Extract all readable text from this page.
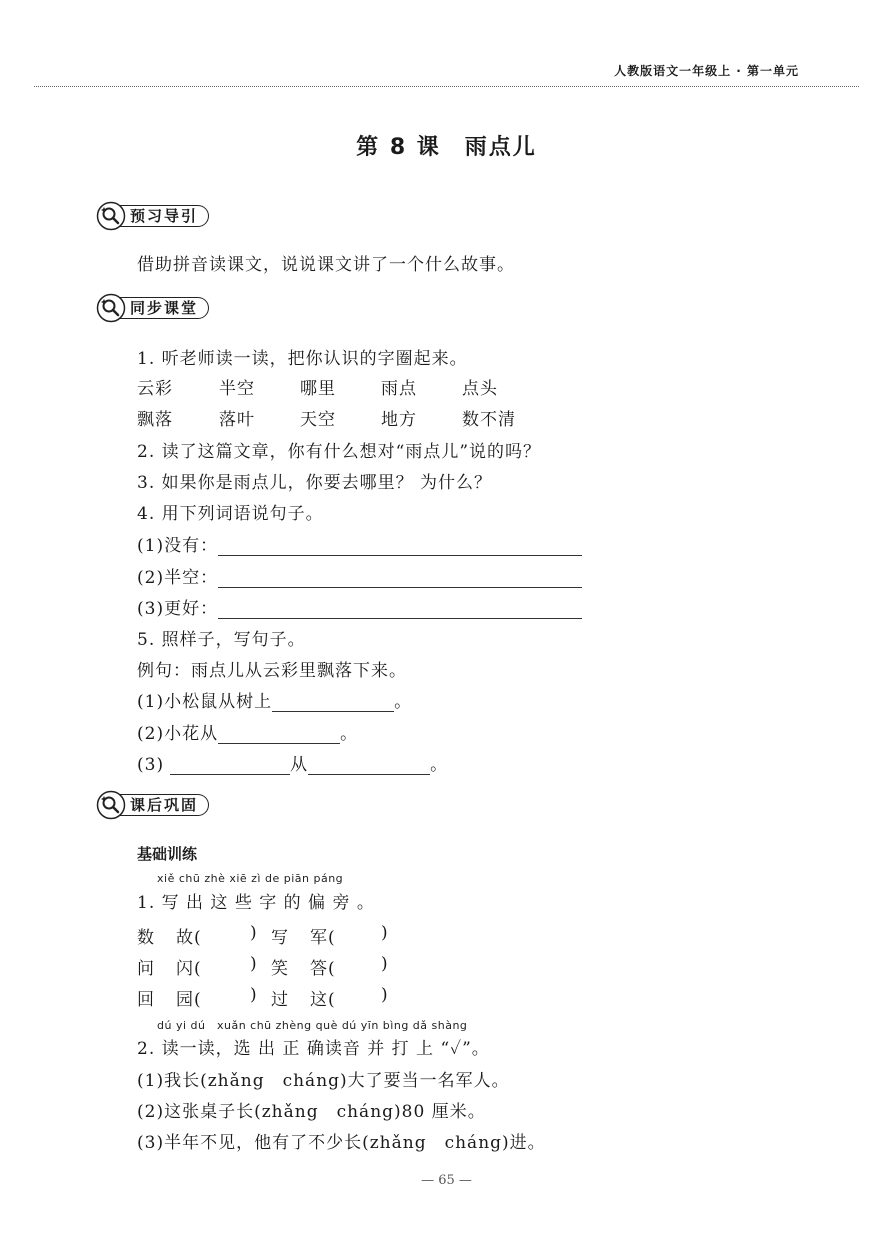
人教版语文一年级上 · 第一单元
第 8 课　雨点儿
预习导引
借助拼音读课文，说说课文讲了一个什么故事。
同步课堂
1. 听老师读一读，把你认识的字圈起来。
云彩	半空	哪里	雨点	点头
飘落	落叶	天空	地方	数不清
2. 读了这篇文章，你有什么想对“雨点儿”说的吗？
3. 如果你是雨点儿，你要去哪里？ 为什么？
4. 用下列词语说句子。
(1)没有：
(2)半空：
(3)更好：
5. 照样子，写句子。
例句：雨点儿从云彩里飘落下来。
(1)小松鼠从树上	。
(2)小花从	。
(3)	从	。
课后巩固
基础训练
xiě chū zhè xiē zì de piān páng
1. 写 出 这 些 字 的 偏 旁 。
数 故(	) 写 军(	)
问 闪(	) 笑 答(	)
回 园(	) 过 这(	)
dú yi dú　xuǎn chū zhèng què dú yīn bìng dǎ shàng
2. 读一读，选 出 正 确读音 并 打 上 “✓”。
(1)我长(zhǎng　cháng)大了要当一名军人。
(2)这张桌子长(zhǎng　cháng)80 厘米。
(3)半年不见，他有了不少长(zhǎng　cháng)进。
— 65 —
